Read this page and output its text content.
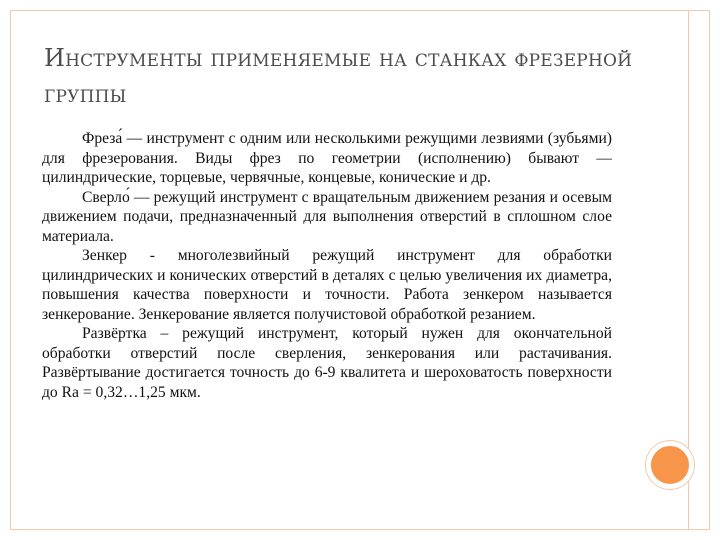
Инструменты применяемые на станках фрезерной группы

Фреза́ — инструмент с одним или несколькими режущими лезвиями (зубьями) для фрезерования. Виды фрез по геометрии (исполнению) бывают — цилиндрические, торцевые, червячные, концевые, конические и др.

Сверло́ — режущий инструмент с вращательным движением резания и осевым движением подачи, предназначенный для выполнения отверстий в сплошном слое материала.

Зенкер - многолезвийный режущий инструмент для обработки цилиндрических и конических отверстий в деталях с целью увеличения их диаметра, повышения качества поверхности и точности. Работа зенкером называется зенкерование. Зенкерование является получистовой обработкой резанием.

Развёртка – режущий инструмент, который нужен для окончательной обработки отверстий после сверления, зенкерования или растачивания. Развёртывание достигается точность до 6-9 квалитета и шероховатость поверхности до Ra = 0,32…1,25 мкм.
